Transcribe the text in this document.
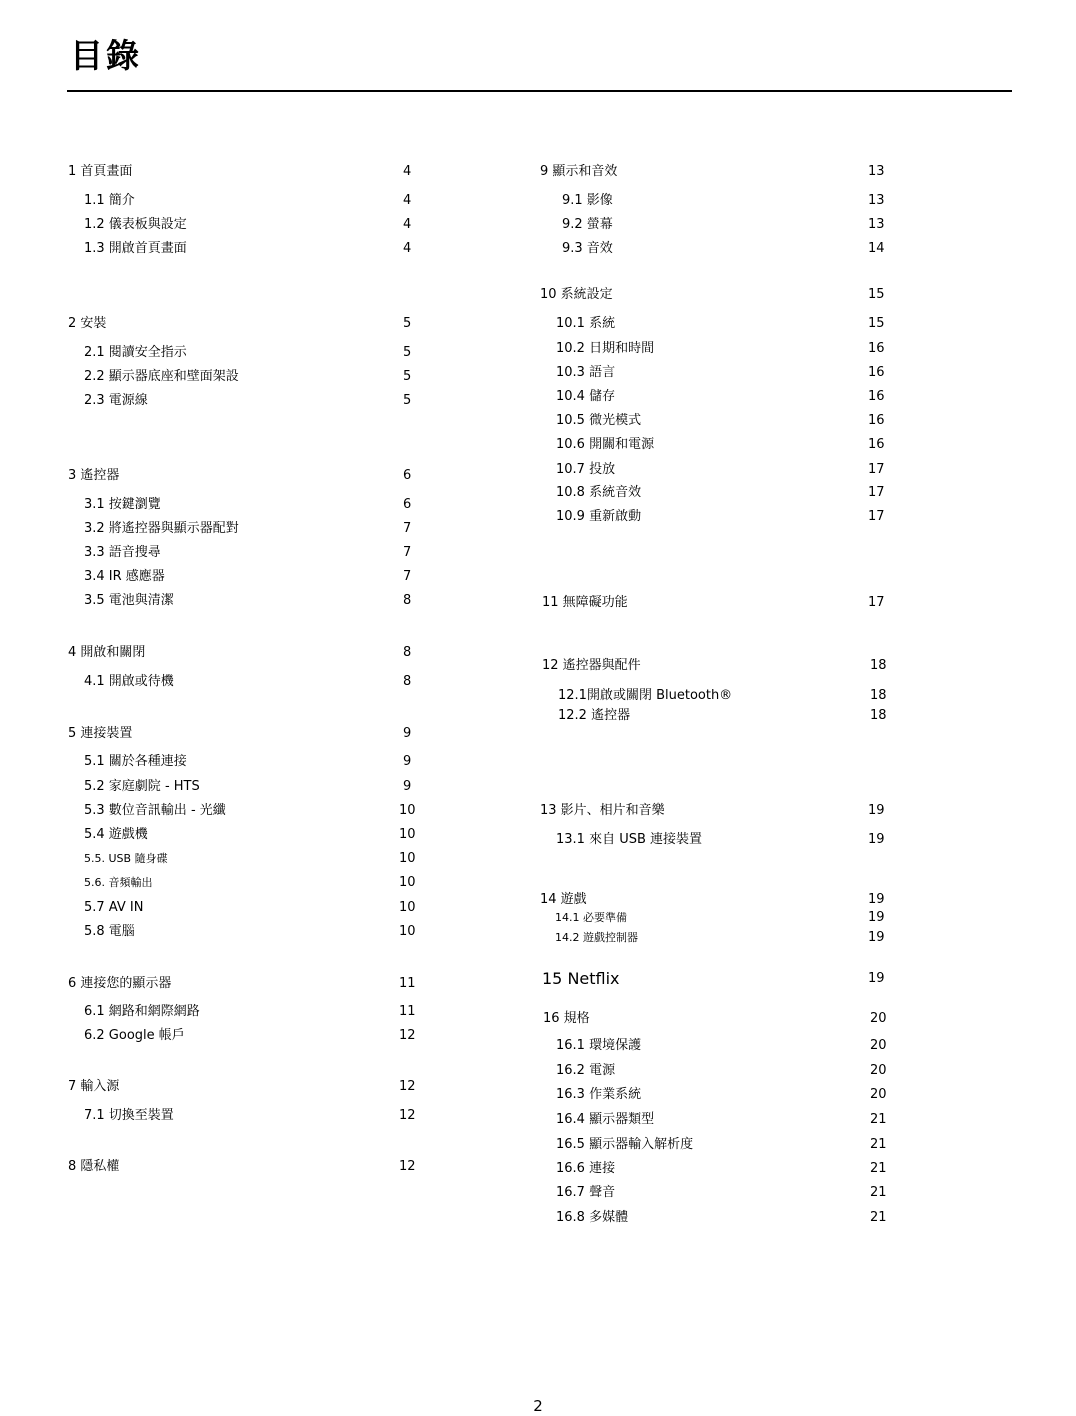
目錄
1 首頁畫面	4
1.1 簡介	4
1.2 儀表板與設定	4
1.3 開啟首頁畫面	4
2 安裝	5
2.1 閱讀安全指示	5
2.2 顯示器底座和壁面架設	5
2.3 電源線	5
3 遙控器	6
3.1 按鍵瀏覽	6
3.2 將遙控器與顯示器配對	7
3.3 語音搜尋	7
3.4 IR 感應器	7
3.5 電池與清潔	8
4 開啟和關閉	8
4.1 開啟或待機	8
5 連接裝置	9
5.1 關於各種連接	9
5.2 家庭劇院 - HTS	9
5.3 數位音訊輸出 - 光纖	10
5.4 遊戲機	10
5.5. USB 隨身碟	10
5.6. 音頻輸出	10
5.7 AV IN	10
5.8 電腦	10
6 連接您的顯示器	11
6.1 網路和網際網路	11
6.2 Google 帳戶	12
7 輸入源	12
7.1 切換至裝置	12
8 隱私權	12
9 顯示和音效	13
9.1 影像	13
9.2 螢幕	13
9.3 音效	14
10 系統設定	15
10.1 系統	15
10.2 日期和時間	16
10.3 語言	16
10.4 儲存	16
10.5 微光模式	16
10.6 開關和電源	16
10.7 投放	17
10.8 系統音效	17
10.9 重新啟動	17
11 無障礙功能	17
12 遙控器與配件	18
12.1開啟或關閉 Bluetooth®	18
12.2 遙控器	18
13 影片、相片和音樂	19
13.1 來自 USB 連接裝置	19
14 遊戲	19
14.1 必要準備	19
14.2 遊戲控制器	19
15 Netflix	19
16 規格	20
16.1 環境保護	20
16.2 電源	20
16.3 作業系統	20
16.4 顯示器類型	21
16.5 顯示器輸入解析度	21
16.6 連接	21
16.7 聲音	21
16.8 多媒體	21
2
